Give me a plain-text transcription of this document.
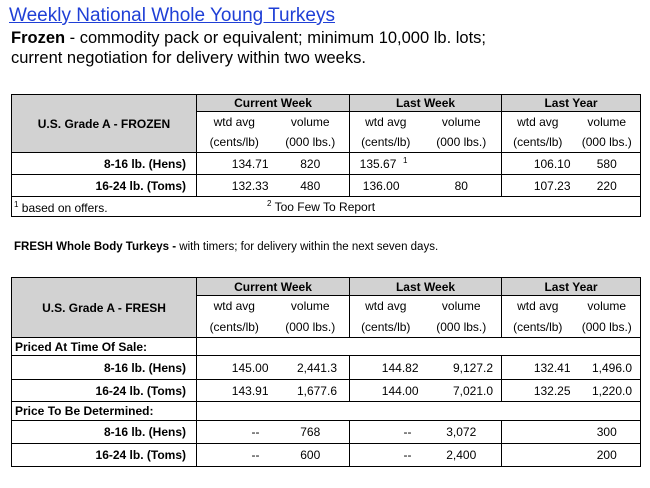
Weekly National Whole Young Turkeys
Frozen - commodity pack or equivalent; minimum 10,000 lb. lots;
current negotiation for delivery within two weeks.
U.S. Grade A - FROZEN	Current Week		Last Week		Last Year	
	wtd avg	volume	wtd avg	volume	wtd avg	volume
	(cents/lb)	(000 lbs.)	(cents/lb)	(000 lbs.)	(cents/lb)	(000 lbs.)
8-16 lb. (Hens)	134.71	820	135.67 $^1$		106.10	580
16-24 lb. (Toms)	132.33	480	136.00	80	107.23	220

$^1$ based on offers. $^2$ Too Few To Report						
FRESH Whole Body Turkeys - with timers; for delivery within the next seven days.
U.S. Grade A - FRESH	Current Week		Last Week		Last Year	
	wtd avg	volume	wtd avg	volume	wtd avg	volume
	(cents/lb)	(000 lbs.)	(cents/lb)	(000 lbs.)	(cents/lb)	(000 lbs.)
Priced At Time Of Sale:						
8-16 lb. (Hens)	145.00	2,441.3	144.82	9,127.2	132.41	1,496.0
16-24 lb. (Toms)	143.91	1,677.6	144.00	7,021.0	132.25	1,220.0
Price To Be Determined:						
8-16 lb. (Hens)	--	768	--	3,072		300
16-24 lb. (Toms)	--	600	--	2,400		200
